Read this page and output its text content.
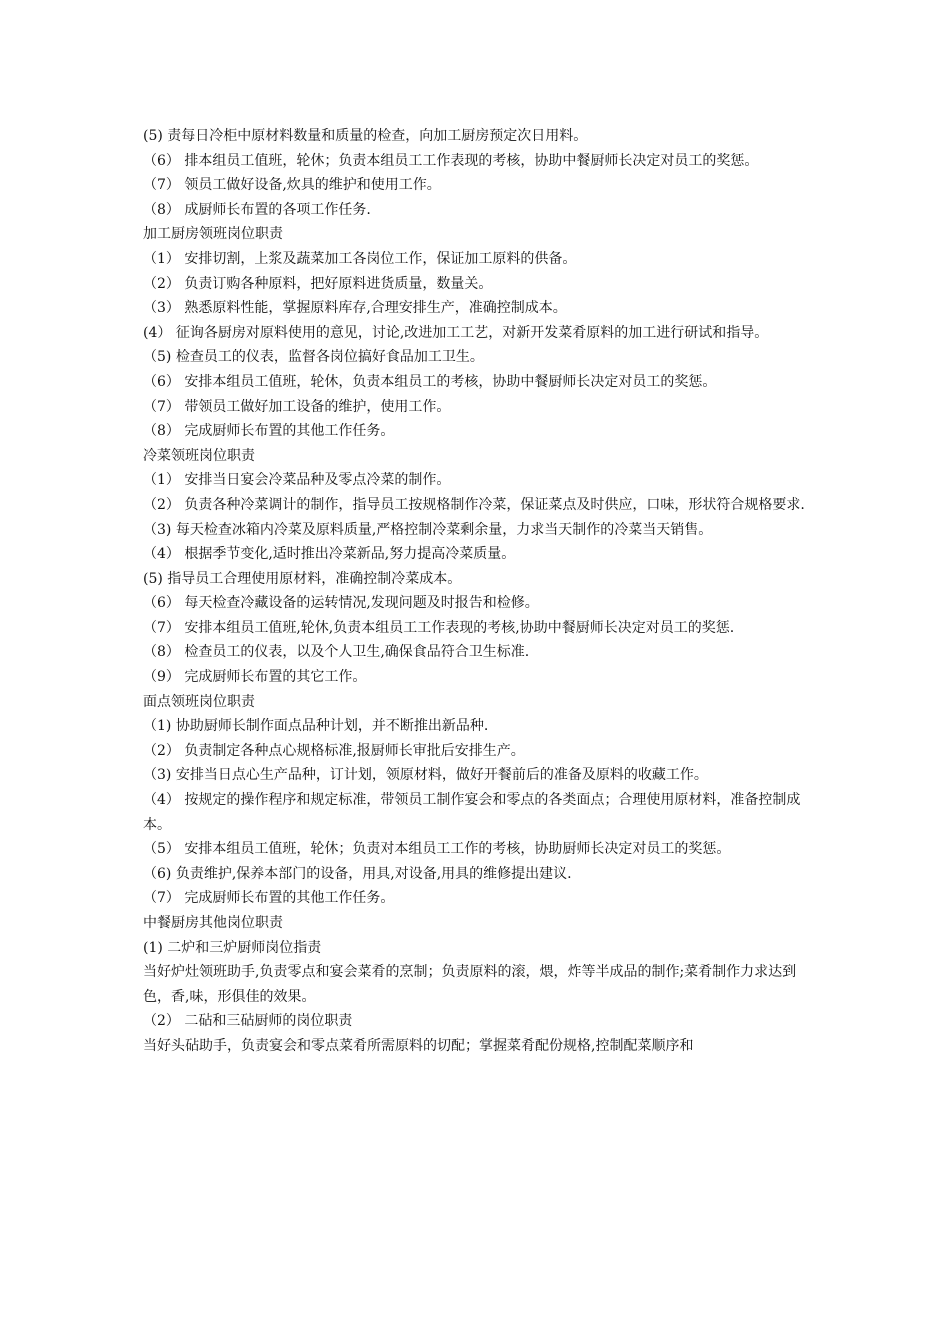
(5) 责每日冷柜中原材料数量和质量的检查，向加工厨房预定次日用料。

（6） 排本组员工值班，轮休；负责本组员工工作表现的考核，协助中餐厨师长决定对员工的奖惩。

（7） 领员工做好设备,炊具的维护和使用工作。

（8） 成厨师长布置的各项工作任务.

加工厨房领班岗位职责

（1） 安排切割，上浆及蔬菜加工各岗位工作，保证加工原料的供备。

（2） 负责订购各种原料，把好原料进货质量，数量关。

（3） 熟悉原料性能，掌握原料库存,合理安排生产，准确控制成本。

(4） 征询各厨房对原料使用的意见，讨论,改进加工工艺，对新开发菜肴原料的加工进行研试和指导。

（5) 检查员工的仪表，监督各岗位搞好食品加工卫生。

（6） 安排本组员工值班，轮休，负责本组员工的考核，协助中餐厨师长决定对员工的奖惩。

（7） 带领员工做好加工设备的维护，使用工作。

（8） 完成厨师长布置的其他工作任务。

冷菜领班岗位职责

（1） 安排当日宴会冷菜品种及零点冷菜的制作。

（2） 负责各种冷菜调计的制作，指导员工按规格制作冷菜，保证菜点及时供应，口味，形状符合规格要求.

（3) 每天检查冰箱内冷菜及原料质量,严格控制冷菜剩余量，力求当天制作的冷菜当天销售。

（4） 根据季节变化,适时推出冷菜新品,努力提高冷菜质量。

(5) 指导员工合理使用原材料，准确控制冷菜成本。

（6） 每天检查冷藏设备的运转情况,发现问题及时报告和检修。

（7） 安排本组员工值班,轮休,负责本组员工工作表现的考核,协助中餐厨师长决定对员工的奖惩.

（8） 检查员工的仪表，以及个人卫生,确保食品符合卫生标准.

（9） 完成厨师长布置的其它工作。

面点领班岗位职责

（1) 协助厨师长制作面点品种计划，并不断推出新品种.

（2） 负责制定各种点心规格标准,报厨师长审批后安排生产。

（3) 安排当日点心生产品种，订计划，领原材料，做好开餐前后的准备及原料的收藏工作。

（4） 按规定的操作程序和规定标准，带领员工制作宴会和零点的各类面点；合理使用原材料，准备控制成本。

（5） 安排本组员工值班，轮休；负责对本组员工工作的考核，协助厨师长决定对员工的奖惩。

（6) 负责维护,保养本部门的设备，用具,对设备,用具的维修提出建议.

（7） 完成厨师长布置的其他工作任务。

中餐厨房其他岗位职责

(1) 二炉和三炉厨师岗位指责

当好炉灶领班助手,负责零点和宴会菜肴的烹制；负责原料的滚，煨，炸等半成品的制作;菜肴制作力求达到色，香,味，形俱佳的效果。

（2） 二砧和三砧厨师的岗位职责

当好头砧助手，负责宴会和零点菜肴所需原料的切配；掌握菜肴配份规格,控制配菜顺序和
